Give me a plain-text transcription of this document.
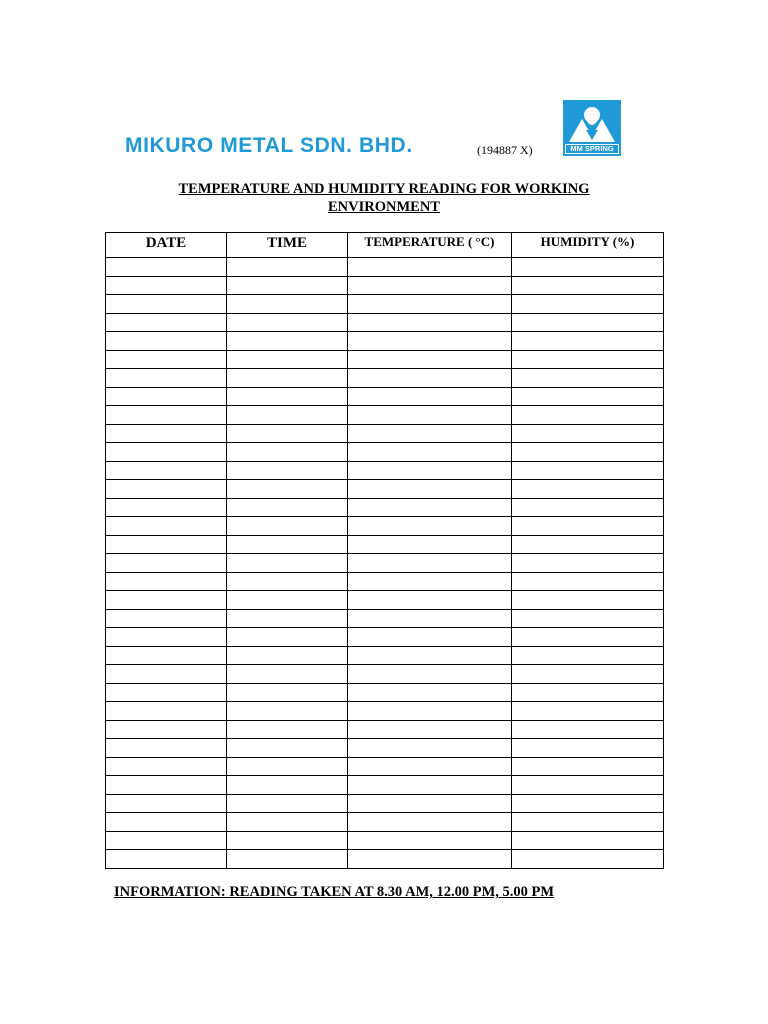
MIKURO METAL SDN. BHD.	(194887 X)	MM SPRING
TEMPERATURE AND HUMIDITY READING FOR WORKING
ENVIRONMENT
DATE	TIME	TEMPERATURE ( °C)	HUMIDITY (%)

INFORMATION: READING TAKEN AT 8.30 AM, 12.00 PM, 5.00 PM
